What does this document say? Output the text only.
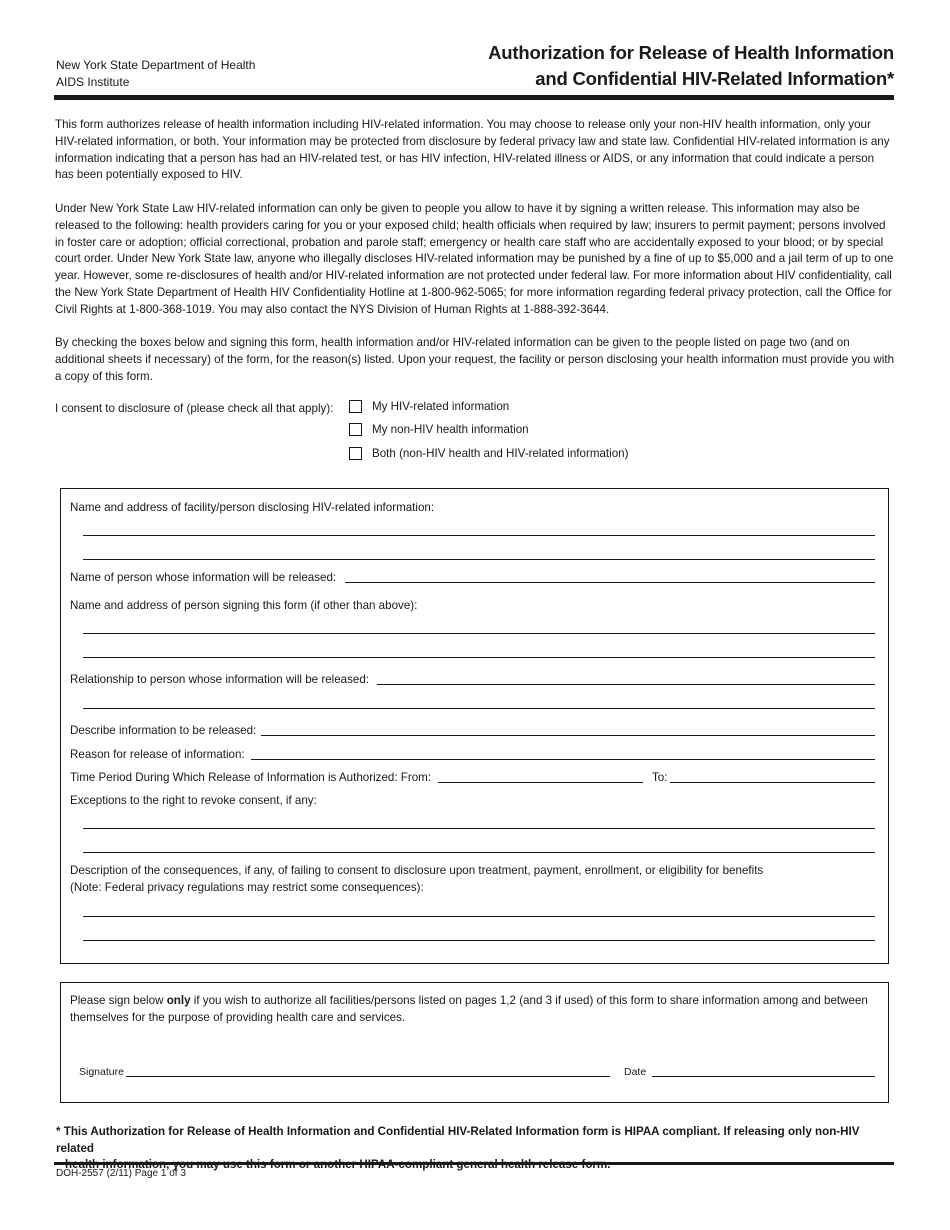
New York State Department of Health
AIDS Institute
Authorization for Release of Health Information
and Confidential HIV-Related Information*
This form authorizes release of health information including HIV-related information. You may choose to release only your non-HIV health information, only your HIV-related information, or both. Your information may be protected from disclosure by federal privacy law and state law. Confidential HIV-related information is any information indicating that a person has had an HIV-related test, or has HIV infection, HIV-related illness or AIDS, or any information that could indicate a person has been potentially exposed to HIV.
Under New York State Law HIV-related information can only be given to people you allow to have it by signing a written release. This information may also be released to the following: health providers caring for you or your exposed child; health officials when required by law; insurers to permit payment; persons involved in foster care or adoption; official correctional, probation and parole staff; emergency or health care staff who are accidentally exposed to your blood; or by special court order. Under New York State law, anyone who illegally discloses HIV-related information may be punished by a fine of up to $5,000 and a jail term of up to one year. However, some re-disclosures of health and/or HIV-related information are not protected under federal law. For more information about HIV confidentiality, call the New York State Department of Health HIV Confidentiality Hotline at 1-800-962-5065; for more information regarding federal privacy protection, call the Office for Civil Rights at 1-800-368-1019. You may also contact the NYS Division of Human Rights at 1-888-392-3644.
By checking the boxes below and signing this form, health information and/or HIV-related information can be given to the people listed on page two (and on additional sheets if necessary) of the form, for the reason(s) listed. Upon your request, the facility or person disclosing your health information must provide you with a copy of this form.
I consent to disclosure of (please check all that apply):	My HIV-related information
My non-HIV health information
Both (non-HIV health and HIV-related information)
Name and address of facility/person disclosing HIV-related information:
Name of person whose information will be released:
Name and address of person signing this form (if other than above):
Relationship to person whose information will be released:
Describe information to be released:
Reason for release of information:
Time Period During Which Release of Information is Authorized: From:	To:
Exceptions to the right to revoke consent, if any:
Description of the consequences, if any, of failing to consent to disclosure upon treatment, payment, enrollment, or eligibility for benefits
(Note: Federal privacy regulations may restrict some consequences):
Please sign below only if you wish to authorize all facilities/persons listed on pages 1,2 (and 3 if used) of this form to share information among and between themselves for the purpose of providing health care and services.
Signature	Date
* This Authorization for Release of Health Information and Confidential HIV-Related Information form is HIPAA compliant. If releasing only non-HIV related
DOH-2557 (2/11) Page 1 of 3
